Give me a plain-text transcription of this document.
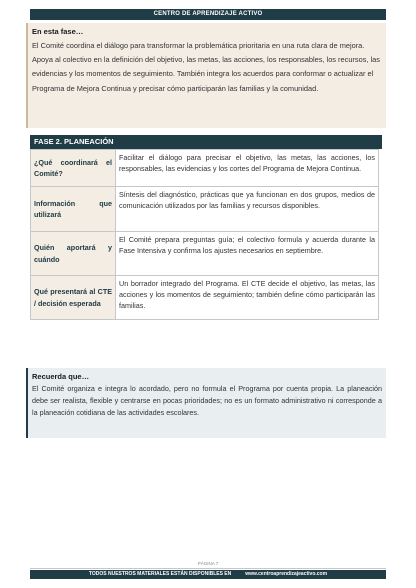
CENTRO DE APRENDIZAJE ACTIVO

En esta fase…

El Comité coordina el diálogo para transformar la problemática prioritaria en una ruta clara de mejora. Apoya al colectivo en la definición del objetivo, las metas, las acciones, los responsables, los recursos, las evidencias y los momentos de seguimiento. También integra los acuerdos para conformar o actualizar el Programa de Mejora Continua y precisar cómo participarán las familias y la comunidad.

FASE 2. PLANEACIÓN
¿Qué coordinará el Comité?	Facilitar el diálogo para precisar el objetivo, las metas, las acciones, los responsables, las evidencias y los cortes del Programa de Mejora Continua.
Información que utilizará	Síntesis del diagnóstico, prácticas que ya funcionan en dos grupos, medios de comunicación utilizados por las familias y recursos disponibles.
Quién aportará y cuándo	El Comité prepara preguntas guía; el colectivo formula y acuerda durante la Fase Intensiva y confirma los ajustes necesarios en septiembre.
Qué presentará al CTE / decisión esperada	Un borrador integrado del Programa. El CTE decide el objetivo, las metas, las acciones y los momentos de seguimiento; también define cómo participarán las familias.

Recuerda que…

El Comité organiza e integra lo acordado, pero no formula el Programa por cuenta propia. La planeación debe ser realista, flexible y centrarse en pocas prioridades; no es un formato administrativo ni corresponde a la planeación cotidiana de las actividades escolares.

PÁGINA 7
TODOS NUESTROS MATERIALES ESTÁN DISPONIBLES EN	www.centroaprendizajeactivo.com
